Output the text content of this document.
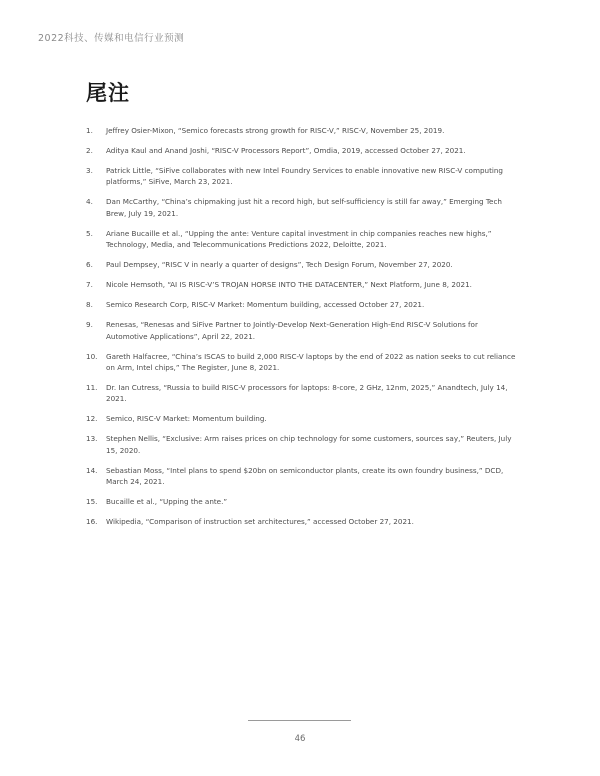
2022科技、传媒和电信行业预测
尾注
1.	Jeffrey Osier-Mixon, “Semico forecasts strong growth for RISC-V,” RISC-V, November 25, 2019.
2.	Aditya Kaul and Anand Joshi, “RISC-V Processors Report”, Omdia, 2019, accessed October 27, 2021.
3.	Patrick Little, “SiFive collaborates with new Intel Foundry Services to enable innovative new RISC-V computing platforms,” SiFive, March 23, 2021.
4.	Dan McCarthy, “China’s chipmaking just hit a record high, but self-sufficiency is still far away,” Emerging Tech Brew, July 19, 2021.
5.	Ariane Bucaille et al., “Upping the ante: Venture capital investment in chip companies reaches new highs,” Technology, Media, and Telecommunications Predictions 2022, Deloitte, 2021.
6.	Paul Dempsey, “RISC V in nearly a quarter of designs”, Tech Design Forum, November 27, 2020.
7.	Nicole Hemsoth, “AI IS RISC-V’S TROJAN HORSE INTO THE DATACENTER,” Next Platform, June 8, 2021.
8.	Semico Research Corp, RISC-V Market: Momentum building, accessed October 27, 2021.
9.	Renesas, “Renesas and SiFive Partner to Jointly-Develop Next-Generation High-End RISC-V Solutions for Automotive Applications”, April 22, 2021.
10.	Gareth Halfacree, “China’s ISCAS to build 2,000 RISC-V laptops by the end of 2022 as nation seeks to cut reliance on Arm, Intel chips,” The Register, June 8, 2021.
11.	Dr. Ian Cutress, “Russia to build RISC-V processors for laptops: 8-core, 2 GHz, 12nm, 2025,” Anandtech, July 14, 2021.
12.	Semico, RISC-V Market: Momentum building.
13.	Stephen Nellis, “Exclusive: Arm raises prices on chip technology for some customers, sources say,” Reuters, July 15, 2020.
14.	Sebastian Moss, “Intel plans to spend $20bn on semiconductor plants, create its own foundry business,” DCD, March 24, 2021.
15.	Bucaille et al., “Upping the ante.”
16.	Wikipedia, “Comparison of instruction set architectures,” accessed October 27, 2021.
46
